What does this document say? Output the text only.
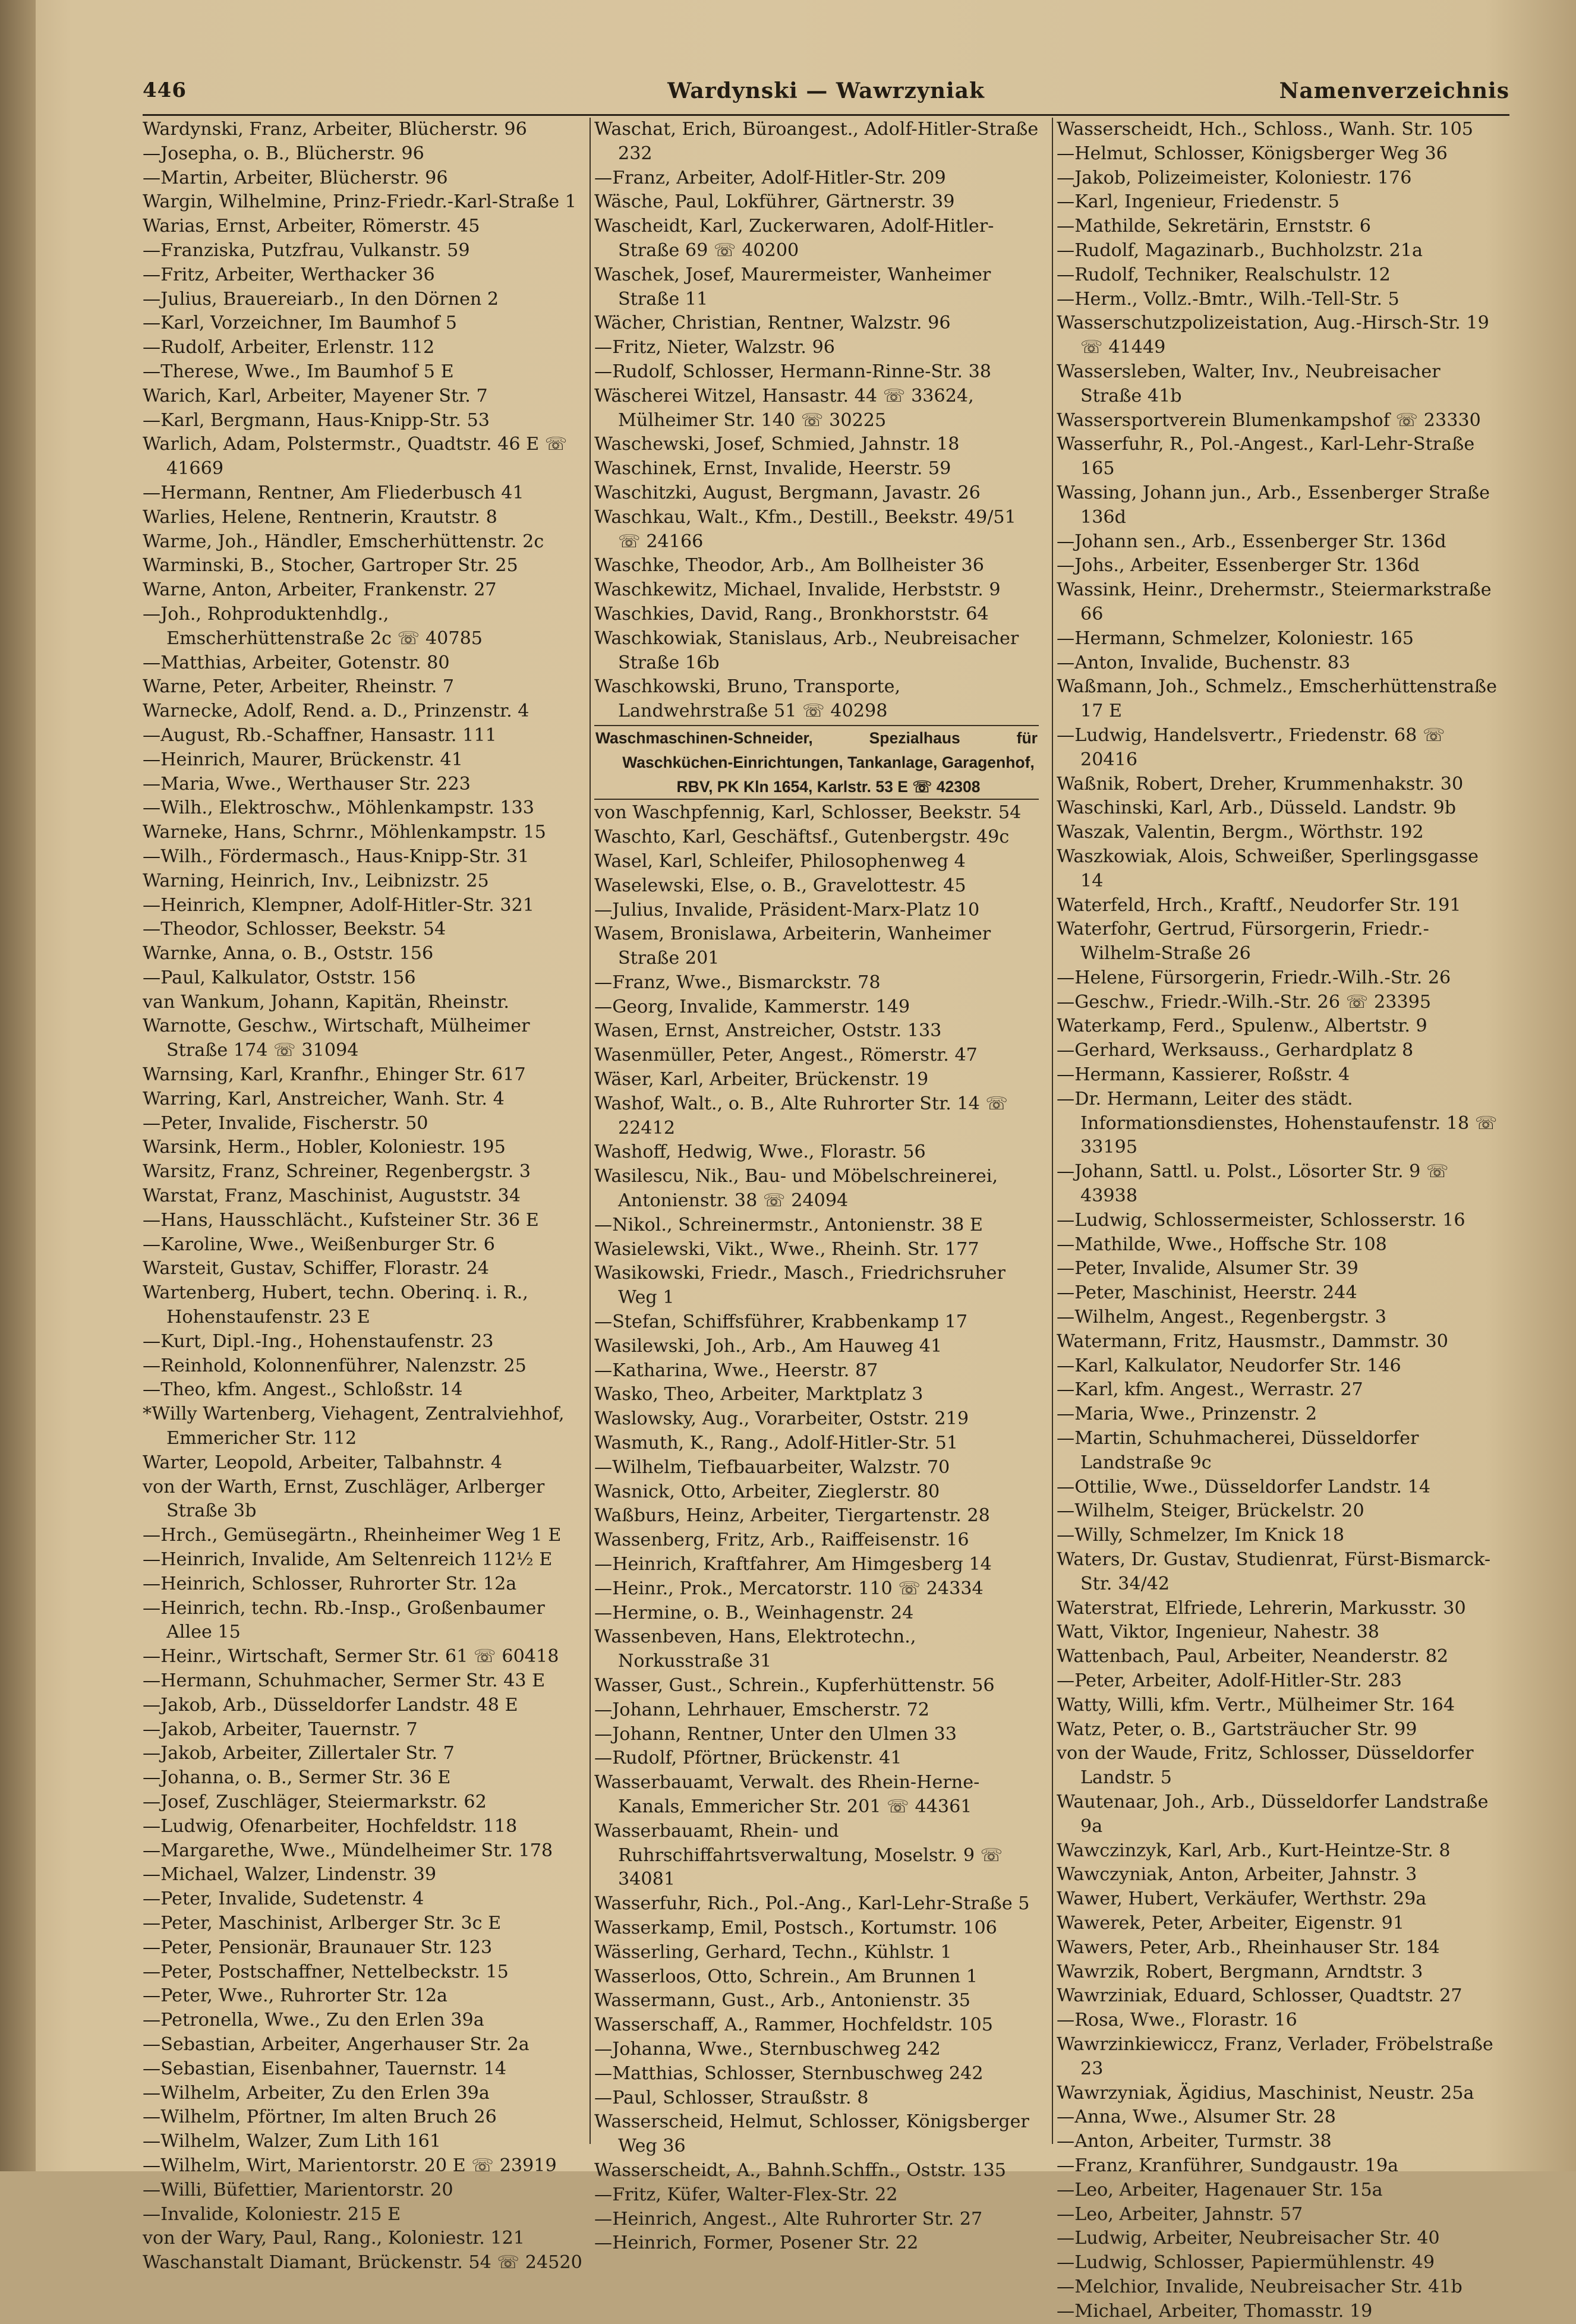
446	Wardynski — Wawrzyniak	Namenverzeichnis
Wardynski, Franz, Arbeiter, Blücherstr. 96
—Josepha, o. B., Blücherstr. 96
—Martin, Arbeiter, Blücherstr. 96
Wargin, Wilhelmine, Prinz-Friedr.-Karl-Straße 1
Warias, Ernst, Arbeiter, Römerstr. 45
—Franziska, Putzfrau, Vulkanstr. 59
—Fritz, Arbeiter, Werthacker 36
—Julius, Brauereiarb., In den Dörnen 2
—Karl, Vorzeichner, Im Baumhof 5
—Rudolf, Arbeiter, Erlenstr. 112
—Therese, Wwe., Im Baumhof 5 E
Warich, Karl, Arbeiter, Mayener Str. 7
—Karl, Bergmann, Haus-Knipp-Str. 53
Warlich, Adam, Polstermstr., Quadtstr. 46 E ☏ 41669
—Hermann, Rentner, Am Fliederbusch 41
Warlies, Helene, Rentnerin, Krautstr. 8
Warme, Joh., Händler, Emscherhüttenstr. 2c
Warminski, B., Stocher, Gartroper Str. 25
Warne, Anton, Arbeiter, Frankenstr. 27
—Joh., Rohproduktenhdlg., Emscherhüttenstraße 2c ☏ 40785
—Matthias, Arbeiter, Gotenstr. 80
Warne, Peter, Arbeiter, Rheinstr. 7
Warnecke, Adolf, Rend. a. D., Prinzenstr. 4
—August, Rb.-Schaffner, Hansastr. 111
—Heinrich, Maurer, Brückenstr. 41
—Maria, Wwe., Werthauser Str. 223
—Wilh., Elektroschw., Möhlenkampstr. 133
Warneke, Hans, Schrnr., Möhlenkampstr. 15
—Wilh., Fördermasch., Haus-Knipp-Str. 31
Warning, Heinrich, Inv., Leibnizstr. 25
—Heinrich, Klempner, Adolf-Hitler-Str. 321
—Theodor, Schlosser, Beekstr. 54
Warnke, Anna, o. B., Oststr. 156
—Paul, Kalkulator, Oststr. 156
van Wankum, Johann, Kapitän, Rheinstr.
Warnotte, Geschw., Wirtschaft, Mülheimer Straße 174 ☏ 31094
Warnsing, Karl, Kranfhr., Ehinger Str. 617
Warring, Karl, Anstreicher, Wanh. Str. 4
—Peter, Invalide, Fischerstr. 50
Warsink, Herm., Hobler, Koloniestr. 195
Warsitz, Franz, Schreiner, Regenbergstr. 3
Warstat, Franz, Maschinist, Auguststr. 34
—Hans, Hausschlächt., Kufsteiner Str. 36 E
—Karoline, Wwe., Weißenburger Str. 6
Warsteit, Gustav, Schiffer, Florastr. 24
Wartenberg, Hubert, techn. Oberinq. i. R., Hohenstaufenstr. 23 E
—Kurt, Dipl.-Ing., Hohenstaufenstr. 23
—Reinhold, Kolonnenführer, Nalenzstr. 25
—Theo, kfm. Angest., Schloßstr. 14
*Willy Wartenberg, Viehagent, Zentralviehhof, Emmericher Str. 112
Warter, Leopold, Arbeiter, Talbahnstr. 4
von der Warth, Ernst, Zuschläger, Arlberger Straße 3b
—Hrch., Gemüsegärtn., Rheinheimer Weg 1 E
—Heinrich, Invalide, Am Seltenreich 112½ E
—Heinrich, Schlosser, Ruhrorter Str. 12a
—Heinrich, techn. Rb.-Insp., Großenbaumer Allee 15
—Heinr., Wirtschaft, Sermer Str. 61 ☏ 60418
—Hermann, Schuhmacher, Sermer Str. 43 E
—Jakob, Arb., Düsseldorfer Landstr. 48 E
—Jakob, Arbeiter, Tauernstr. 7
—Jakob, Arbeiter, Zillertaler Str. 7
—Johanna, o. B., Sermer Str. 36 E
—Josef, Zuschläger, Steiermarkstr. 62
—Ludwig, Ofenarbeiter, Hochfeldstr. 118
—Margarethe, Wwe., Mündelheimer Str. 178
—Michael, Walzer, Lindenstr. 39
—Peter, Invalide, Sudetenstr. 4
—Peter, Maschinist, Arlberger Str. 3c E
—Peter, Pensionär, Braunauer Str. 123
—Peter, Postschaffner, Nettelbeckstr. 15
—Peter, Wwe., Ruhrorter Str. 12a
—Petronella, Wwe., Zu den Erlen 39a
—Sebastian, Arbeiter, Angerhauser Str. 2a
—Sebastian, Eisenbahner, Tauernstr. 14
—Wilhelm, Arbeiter, Zu den Erlen 39a
—Wilhelm, Pförtner, Im alten Bruch 26
—Wilhelm, Walzer, Zum Lith 161
—Wilhelm, Wirt, Marientorstr. 20 E ☏ 23919
—Willi, Büfettier, Marientorstr. 20
—Invalide, Koloniestr. 215 E
von der Wary, Paul, Rang., Koloniestr. 121
Waschanstalt Diamant, Brückenstr. 54 ☏ 24520
Waschat, Erich, Büroangest., Adolf-Hitler-Straße 232
—Franz, Arbeiter, Adolf-Hitler-Str. 209
Wäsche, Paul, Lokführer, Gärtnerstr. 39
Wascheidt, Karl, Zuckerwaren, Adolf-Hitler-Straße 69 ☏ 40200
Waschek, Josef, Maurermeister, Wanheimer Straße 11
Wächer, Christian, Rentner, Walzstr. 96
—Fritz, Nieter, Walzstr. 96
—Rudolf, Schlosser, Hermann-Rinne-Str. 38
Wäscherei Witzel, Hansastr. 44 ☏ 33624, Mülheimer Str. 140 ☏ 30225
Waschewski, Josef, Schmied, Jahnstr. 18
Waschinek, Ernst, Invalide, Heerstr. 59
Waschitzki, August, Bergmann, Javastr. 26
Waschkau, Walt., Kfm., Destill., Beekstr. 49/51 ☏ 24166
Waschke, Theodor, Arb., Am Bollheister 36
Waschkewitz, Michael, Invalide, Herbststr. 9
Waschkies, David, Rang., Bronkhorststr. 64
Waschkowiak, Stanislaus, Arb., Neubreisacher Straße 16b
Waschkowski, Bruno, Transporte, Landwehrstraße 51 ☏ 40298
Waschmaschinen-Schneider, Spezialhaus für
Waschküchen-Einrichtungen, Tankanlage, Garagenhof, RBV, PK Kln 1654, Karlstr. 53 E ☏ 42308
von Waschpfennig, Karl, Schlosser, Beekstr. 54
Waschto, Karl, Geschäftsf., Gutenbergstr. 49c
Wasel, Karl, Schleifer, Philosophenweg 4
Waselewski, Else, o. B., Gravelottestr. 45
—Julius, Invalide, Präsident-Marx-Platz 10
Wasem, Bronislawa, Arbeiterin, Wanheimer Straße 201
—Franz, Wwe., Bismarckstr. 78
—Georg, Invalide, Kammerstr. 149
Wasen, Ernst, Anstreicher, Oststr. 133
Wasenmüller, Peter, Angest., Römerstr. 47
Wäser, Karl, Arbeiter, Brückenstr. 19
Washof, Walt., o. B., Alte Ruhrorter Str. 14 ☏ 22412
Washoff, Hedwig, Wwe., Florastr. 56
Wasilescu, Nik., Bau- und Möbelschreinerei, Antonienstr. 38 ☏ 24094
—Nikol., Schreinermstr., Antonienstr. 38 E
Wasielewski, Vikt., Wwe., Rheinh. Str. 177
Wasikowski, Friedr., Masch., Friedrichsruher Weg 1
—Stefan, Schiffsführer, Krabbenkamp 17
Wasilewski, Joh., Arb., Am Hauweg 41
—Katharina, Wwe., Heerstr. 87
Wasko, Theo, Arbeiter, Marktplatz 3
Waslowsky, Aug., Vorarbeiter, Oststr. 219
Wasmuth, K., Rang., Adolf-Hitler-Str. 51
—Wilhelm, Tiefbauarbeiter, Walzstr. 70
Wasnick, Otto, Arbeiter, Zieglerstr. 80
Waßburs, Heinz, Arbeiter, Tiergartenstr. 28
Wassenberg, Fritz, Arb., Raiffeisenstr. 16
—Heinrich, Kraftfahrer, Am Himgesberg 14
—Heinr., Prok., Mercatorstr. 110 ☏ 24334
—Hermine, o. B., Weinhagenstr. 24
Wassenbeven, Hans, Elektrotechn., Norkusstraße 31
Wasser, Gust., Schrein., Kupferhüttenstr. 56
—Johann, Lehrhauer, Emscherstr. 72
—Johann, Rentner, Unter den Ulmen 33
—Rudolf, Pförtner, Brückenstr. 41
Wasserbauamt, Verwalt. des Rhein-Herne-Kanals, Emmericher Str. 201 ☏ 44361
Wasserbauamt, Rhein- und Ruhrschiffahrtsverwaltung, Moselstr. 9 ☏ 34081
Wasserfuhr, Rich., Pol.-Ang., Karl-Lehr-Straße 5
Wasserkamp, Emil, Postsch., Kortumstr. 106
Wässerling, Gerhard, Techn., Kühlstr. 1
Wasserloos, Otto, Schrein., Am Brunnen 1
Wassermann, Gust., Arb., Antonienstr. 35
Wasserschaff, A., Rammer, Hochfeldstr. 105
—Johanna, Wwe., Sternbuschweg 242
—Matthias, Schlosser, Sternbuschweg 242
—Paul, Schlosser, Straußstr. 8
Wasserscheid, Helmut, Schlosser, Königsberger Weg 36
Wasserscheidt, A., Bahnh.Schffn., Oststr. 135
—Fritz, Küfer, Walter-Flex-Str. 22
—Heinrich, Angest., Alte Ruhrorter Str. 27
—Heinrich, Former, Posener Str. 22
Wasserscheidt, Hch., Schloss., Wanh. Str. 105
—Helmut, Schlosser, Königsberger Weg 36
—Jakob, Polizeimeister, Koloniestr. 176
—Karl, Ingenieur, Friedenstr. 5
—Mathilde, Sekretärin, Ernststr. 6
—Rudolf, Magazinarb., Buchholzstr. 21a
—Rudolf, Techniker, Realschulstr. 12
—Herm., Vollz.-Bmtr., Wilh.-Tell-Str. 5
Wasserschutzpolizeistation, Aug.-Hirsch-Str. 19 ☏ 41449
Wassersleben, Walter, Inv., Neubreisacher Straße 41b
Wassersportverein Blumenkampshof ☏ 23330
Wasserfuhr, R., Pol.-Angest., Karl-Lehr-Straße 165
Wassing, Johann jun., Arb., Essenberger Straße 136d
—Johann sen., Arb., Essenberger Str. 136d
—Johs., Arbeiter, Essenberger Str. 136d
Wassink, Heinr., Drehermstr., Steiermarkstraße 66
—Hermann, Schmelzer, Koloniestr. 165
—Anton, Invalide, Buchenstr. 83
Waßmann, Joh., Schmelz., Emscherhüttenstraße 17 E
—Ludwig, Handelsvertr., Friedenstr. 68 ☏ 20416
Waßnik, Robert, Dreher, Krummenhakstr. 30
Waschinski, Karl, Arb., Düsseld. Landstr. 9b
Waszak, Valentin, Bergm., Wörthstr. 192
Waszkowiak, Alois, Schweißer, Sperlingsgasse 14
Waterfeld, Hrch., Kraftf., Neudorfer Str. 191
Waterfohr, Gertrud, Fürsorgerin, Friedr.-Wilhelm-Straße 26
—Helene, Fürsorgerin, Friedr.-Wilh.-Str. 26
—Geschw., Friedr.-Wilh.-Str. 26 ☏ 23395
Waterkamp, Ferd., Spulenw., Albertstr. 9
—Gerhard, Werksauss., Gerhardplatz 8
—Hermann, Kassierer, Roßstr. 4
—Dr. Hermann, Leiter des städt. Informationsdienstes, Hohenstaufenstr. 18 ☏ 33195
—Johann, Sattl. u. Polst., Lösorter Str. 9 ☏ 43938
—Ludwig, Schlossermeister, Schlosserstr. 16
—Mathilde, Wwe., Hoffsche Str. 108
—Peter, Invalide, Alsumer Str. 39
—Peter, Maschinist, Heerstr. 244
—Wilhelm, Angest., Regenbergstr. 3
Watermann, Fritz, Hausmstr., Dammstr. 30
—Karl, Kalkulator, Neudorfer Str. 146
—Karl, kfm. Angest., Werrastr. 27
—Maria, Wwe., Prinzenstr. 2
—Martin, Schuhmacherei, Düsseldorfer Landstraße 9c
—Ottilie, Wwe., Düsseldorfer Landstr. 14
—Wilhelm, Steiger, Brückelstr. 20
—Willy, Schmelzer, Im Knick 18
Waters, Dr. Gustav, Studienrat, Fürst-Bismarck-Str. 34/42
Waterstrat, Elfriede, Lehrerin, Markusstr. 30
Watt, Viktor, Ingenieur, Nahestr. 38
Wattenbach, Paul, Arbeiter, Neanderstr. 82
—Peter, Arbeiter, Adolf-Hitler-Str. 283
Watty, Willi, kfm. Vertr., Mülheimer Str. 164
Watz, Peter, o. B., Gartsträucher Str. 99
von der Waude, Fritz, Schlosser, Düsseldorfer Landstr. 5
Wautenaar, Joh., Arb., Düsseldorfer Landstraße 9a
Wawczinzyk, Karl, Arb., Kurt-Heintze-Str. 8
Wawczyniak, Anton, Arbeiter, Jahnstr. 3
Wawer, Hubert, Verkäufer, Werthstr. 29a
Wawerek, Peter, Arbeiter, Eigenstr. 91
Wawers, Peter, Arb., Rheinhauser Str. 184
Wawrzik, Robert, Bergmann, Arndtstr. 3
Wawrziniak, Eduard, Schlosser, Quadtstr. 27
—Rosa, Wwe., Florastr. 16
Wawrzinkiewiccz, Franz, Verlader, Fröbelstraße 23
Wawrzyniak, Ägidius, Maschinist, Neustr. 25a
—Anna, Wwe., Alsumer Str. 28
—Anton, Arbeiter, Turmstr. 38
—Franz, Kranführer, Sundgaustr. 19a
—Leo, Arbeiter, Hagenauer Str. 15a
—Leo, Arbeiter, Jahnstr. 57
—Ludwig, Arbeiter, Neubreisacher Str. 40
—Ludwig, Schlosser, Papiermühlenstr. 49
—Melchior, Invalide, Neubreisacher Str. 41b
—Michael, Arbeiter, Thomasstr. 19
